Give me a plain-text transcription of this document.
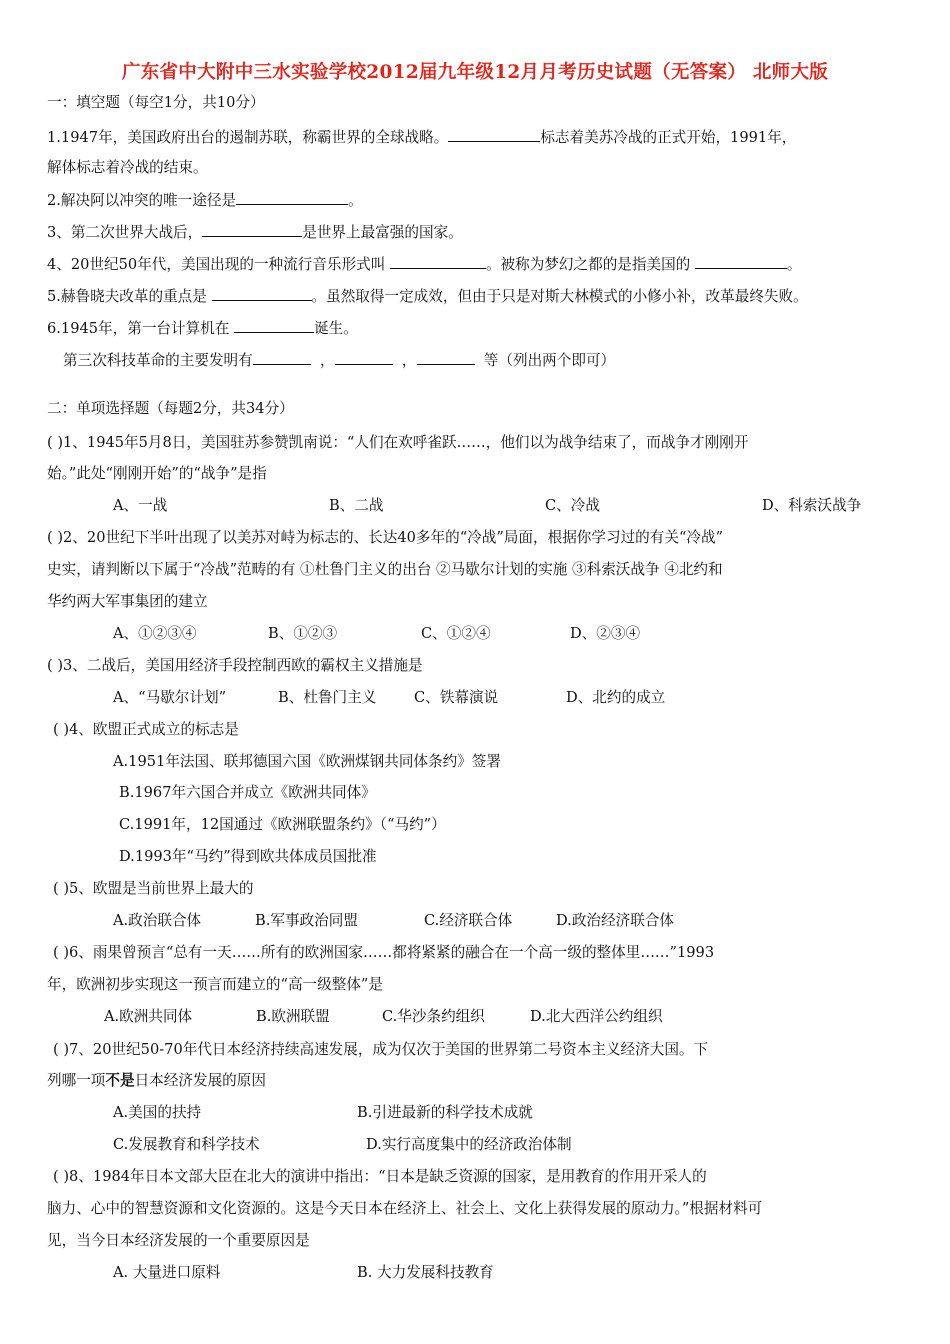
广东省中大附中三水实验学校2012届九年级12月月考历史试题（无答案） 北师大版
一：填空题（每空1分，共10分）
1.1947年，美国政府出台的遏制苏联，称霸世界的全球战略。	标志着美苏冷战的正式开始，1991年，
解体标志着冷战的结束。
2.解决阿以冲突的唯一途径是	。
3、第二次世界大战后，	是世界上最富强的国家。
4、20世纪50年代，美国出现的一种流行音乐形式叫	。被称为梦幻之都的是指美国的	。
5.赫鲁晓夫改革的重点是	。虽然取得一定成效，但由于只是对斯大林模式的小修小补，改革最终失败。
6.1945年，第一台计算机在	诞生。
第三次科技革命的主要发明有	，	，	等（列出两个即可）
二：单项选择题（每题2分，共34分）
( )1、1945年5月8日，美国驻苏参赞凯南说：“人们在欢呼雀跃……，他们以为战争结束了，而战争才刚刚开
始。”此处“刚刚开始”的“战争”是指
A、一战	B、二战	C、冷战	D、科索沃战争
( )2、20世纪下半叶出现了以美苏对峙为标志的、长达40多年的“冷战”局面，根据你学习过的有关“冷战”
史实，请判断以下属于“冷战”范畴的有 ①杜鲁门主义的出台 ②马歇尔计划的实施 ③科索沃战争 ④北约和
华约两大军事集团的建立
A、①②③④	B、①②③	C、①②④	D、②③④
( )3、二战后，美国用经济手段控制西欧的霸权主义措施是
A、“马歇尔计划”	B、杜鲁门主义	C、铁幕演说	D、北约的成立
( )4、欧盟正式成立的标志是
A.1951年法国、联邦德国六国《欧洲煤钢共同体条约》签署
B.1967年六国合并成立《欧洲共同体》
C.1991年，12国通过《欧洲联盟条约》（“马约”）
D.1993年“马约”得到欧共体成员国批准
( )5、欧盟是当前世界上最大的
A.政治联合体	B.军事政治同盟	C.经济联合体	D.政治经济联合体
( )6、雨果曾预言“总有一天……所有的欧洲国家……都将紧紧的融合在一个高一级的整体里……”1993
年，欧洲初步实现这一预言而建立的“高一级整体”是
A.欧洲共同体	B.欧洲联盟	C.华沙条约组织	D.北大西洋公约组织
( )7、20世纪50-70年代日本经济持续高速发展，成为仅次于美国的世界第二号资本主义经济大国。下
列哪一项不是日本经济发展的原因
A.美国的扶持	B.引进最新的科学技术成就
C.发展教育和科学技术	D.实行高度集中的经济政治体制
( )8、1984年日本文部大臣在北大的演讲中指出：“日本是缺乏资源的国家，是用教育的作用开采人的
脑力、心中的智慧资源和文化资源的。这是今天日本在经济上、社会上、文化上获得发展的原动力。”根据材料可
见，当今日本经济发展的一个重要原因是
A. 大量进口原料	B. 大力发展科技教育
